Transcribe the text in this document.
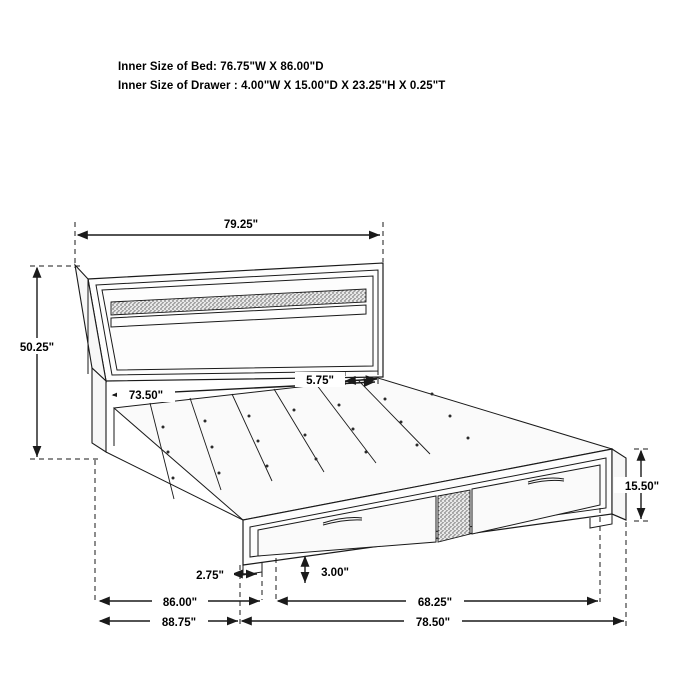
Inner Size of Bed: 76.75"W X 86.00"D
Inner Size of Drawer : 4.00"W X 15.00"D X 23.25"H X 0.25"T
79.25"
50.25"
73.50"
5.75"
15.50"
3.00"
2.75"
86.00"
88.75"
68.25"
78.50"
